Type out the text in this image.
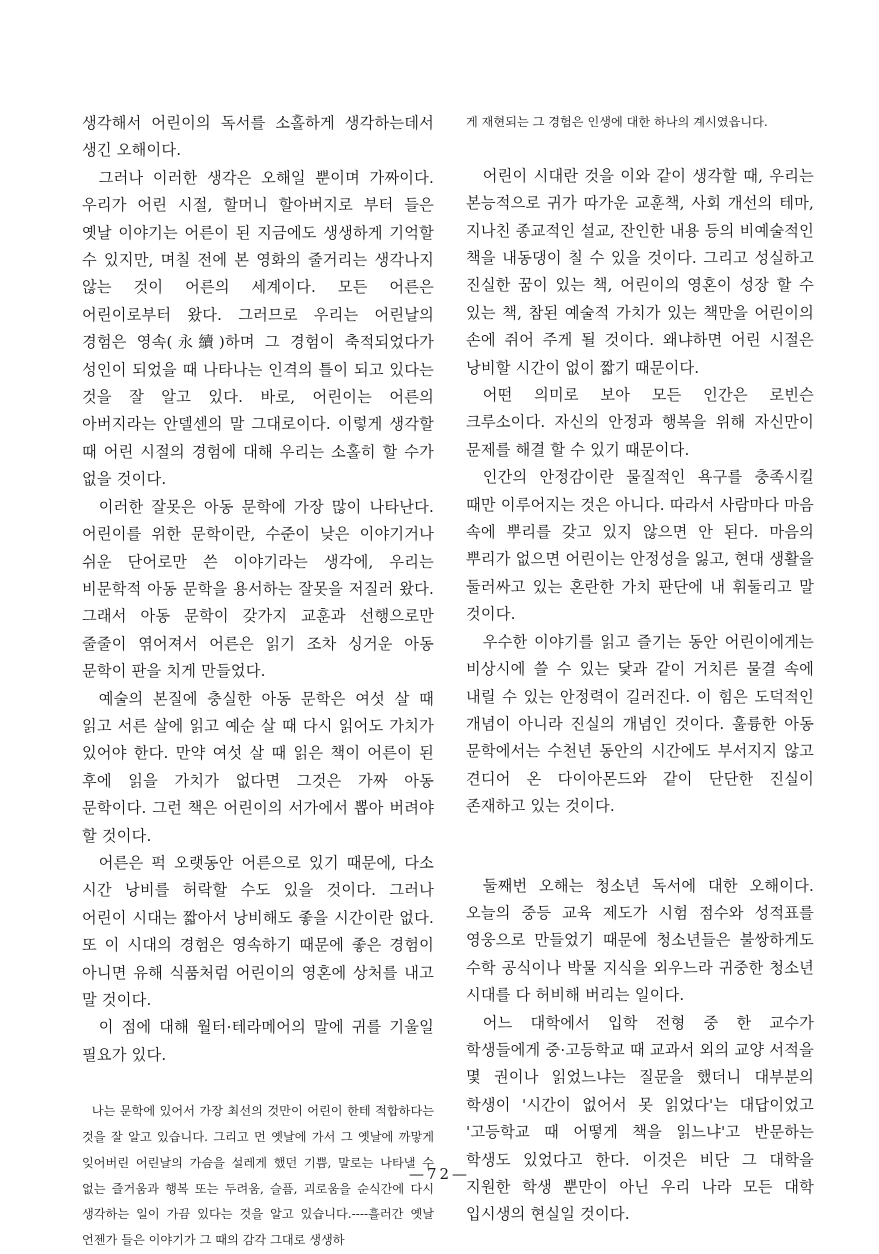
생각해서 어린이의 독서를 소홀하게 생각하는데서 생긴 오해이다.

그러나 이러한 생각은 오해일 뿐이며 가짜이다. 우리가 어린 시절, 할머니 할아버지로 부터 들은 옛날 이야기는 어른이 된 지금에도 생생하게 기억할 수 있지만, 며칠 전에 본 영화의 줄거리는 생각나지 않는 것이 어른의 세계이다. 모든 어른은 어린이로부터 왔다. 그러므로 우리는 어린날의 경험은 영속(永續)하며 그 경험이 축적되었다가 성인이 되었을 때 나타나는 인격의 틀이 되고 있다는 것을 잘 알고 있다. 바로, 어린이는 어른의 아버지라는 안델센의 말 그대로이다. 이렇게 생각할 때 어린 시절의 경험에 대해 우리는 소홀히 할 수가 없을 것이다.

이러한 잘못은 아동 문학에 가장 많이 나타난다. 어린이를 위한 문학이란, 수준이 낮은 이야기거나 쉬운 단어로만 쓴 이야기라는 생각에, 우리는 비문학적 아동 문학을 용서하는 잘못을 저질러 왔다. 그래서 아동 문학이 갖가지 교훈과 선행으로만 줄줄이 엮어져서 어른은 읽기 조차 싱거운 아동 문학이 판을 치게 만들었다.

예술의 본질에 충실한 아동 문학은 여섯 살 때 읽고 서른 살에 읽고 예순 살 때 다시 읽어도 가치가 있어야 한다. 만약 여섯 살 때 읽은 책이 어른이 된 후에 읽을 가치가 없다면 그것은 가짜 아동 문학이다. 그런 책은 어린이의 서가에서 뽑아 버려야 할 것이다.

어른은 퍽 오랫동안 어른으로 있기 때문에, 다소 시간 낭비를 허락할 수도 있을 것이다. 그러나 어린이 시대는 짧아서 낭비해도 좋을 시간이란 없다. 또 이 시대의 경험은 영속하기 때문에 좋은 경험이 아니면 유해 식품처럼 어린이의 영혼에 상처를 내고 말 것이다.

이 점에 대해 월터·테라메어의 말에 귀를 기울일 필요가 있다.

나는 문학에 있어서 가장 최선의 것만이 어린이 한테 적합하다는 것을 잘 알고 있습니다. 그리고 먼 옛날에 가서 그 옛날에 까맣게 잊어버린 어린날의 가슴을 설레게 했던 기쁨, 말로는 나타낼 수 없는 즐거움과 행복 또는 두려움, 슬픔, 괴로움을 순식간에 다시 생각하는 일이 가끔 있다는 것을 알고 있습니다.----흘러간 옛날 언젠가 들은 이야기가 그 때의 감각 그대로 생생하

게 재현되는 그 경험은 인생에 대한 하나의 계시였읍니다.

어린이 시대란 것을 이와 같이 생각할 때, 우리는 본능적으로 귀가 따가운 교훈책, 사회 개선의 테마, 지나친 종교적인 설교, 잔인한 내용 등의 비예술적인 책을 내동댕이 칠 수 있을 것이다. 그리고 성실하고 진실한 꿈이 있는 책, 어린이의 영혼이 성장 할 수 있는 책, 참된 예술적 가치가 있는 책만을 어린이의 손에 쥐어 주게 될 것이다. 왜냐하면 어린 시절은 낭비할 시간이 없이 짧기 때문이다.

어떤 의미로 보아 모든 인간은 로빈슨 크루소이다. 자신의 안정과 행복을 위해 자신만이 문제를 해결 할 수 있기 때문이다.

인간의 안정감이란 물질적인 욕구를 충족시킬 때만 이루어지는 것은 아니다. 따라서 사람마다 마음 속에 뿌리를 갖고 있지 않으면 안 된다. 마음의 뿌리가 없으면 어린이는 안정성을 잃고, 현대 생활을 둘러싸고 있는 혼란한 가치 판단에 내 휘둘리고 말 것이다.

우수한 이야기를 읽고 즐기는 동안 어린이에게는 비상시에 쓸 수 있는 닻과 같이 거치른 물결 속에 내릴 수 있는 안정력이 길러진다. 이 힘은 도덕적인 개념이 아니라 진실의 개념인 것이다. 훌륭한 아동 문학에서는 수천년 동안의 시간에도 부서지지 않고 견디어 온 다이아몬드와 같이 단단한 진실이 존재하고 있는 것이다.

둘째번 오해는 청소년 독서에 대한 오해이다. 오늘의 중등 교육 제도가 시험 점수와 성적표를 영웅으로 만들었기 때문에 청소년들은 불쌍하게도 수학 공식이나 박물 지식을 외우느라 귀중한 청소년 시대를 다 허비해 버리는 일이다.

어느 대학에서 입학 전형 중 한 교수가 학생들에게 중·고등학교 때 교과서 외의 교양 서적을 몇 권이나 읽었느냐는 질문을 했더니 대부분의 학생이 '시간이 없어서 못 읽었다'는 대답이었고 '고등학교 때 어떻게 책을 읽느냐'고 반문하는 학생도 있었다고 한다. 이것은 비단 그 대학을 지원한 학생 뿐만이 아닌 우리 나라 모든 대학 입시생의 현실일 것이다.

—72—
